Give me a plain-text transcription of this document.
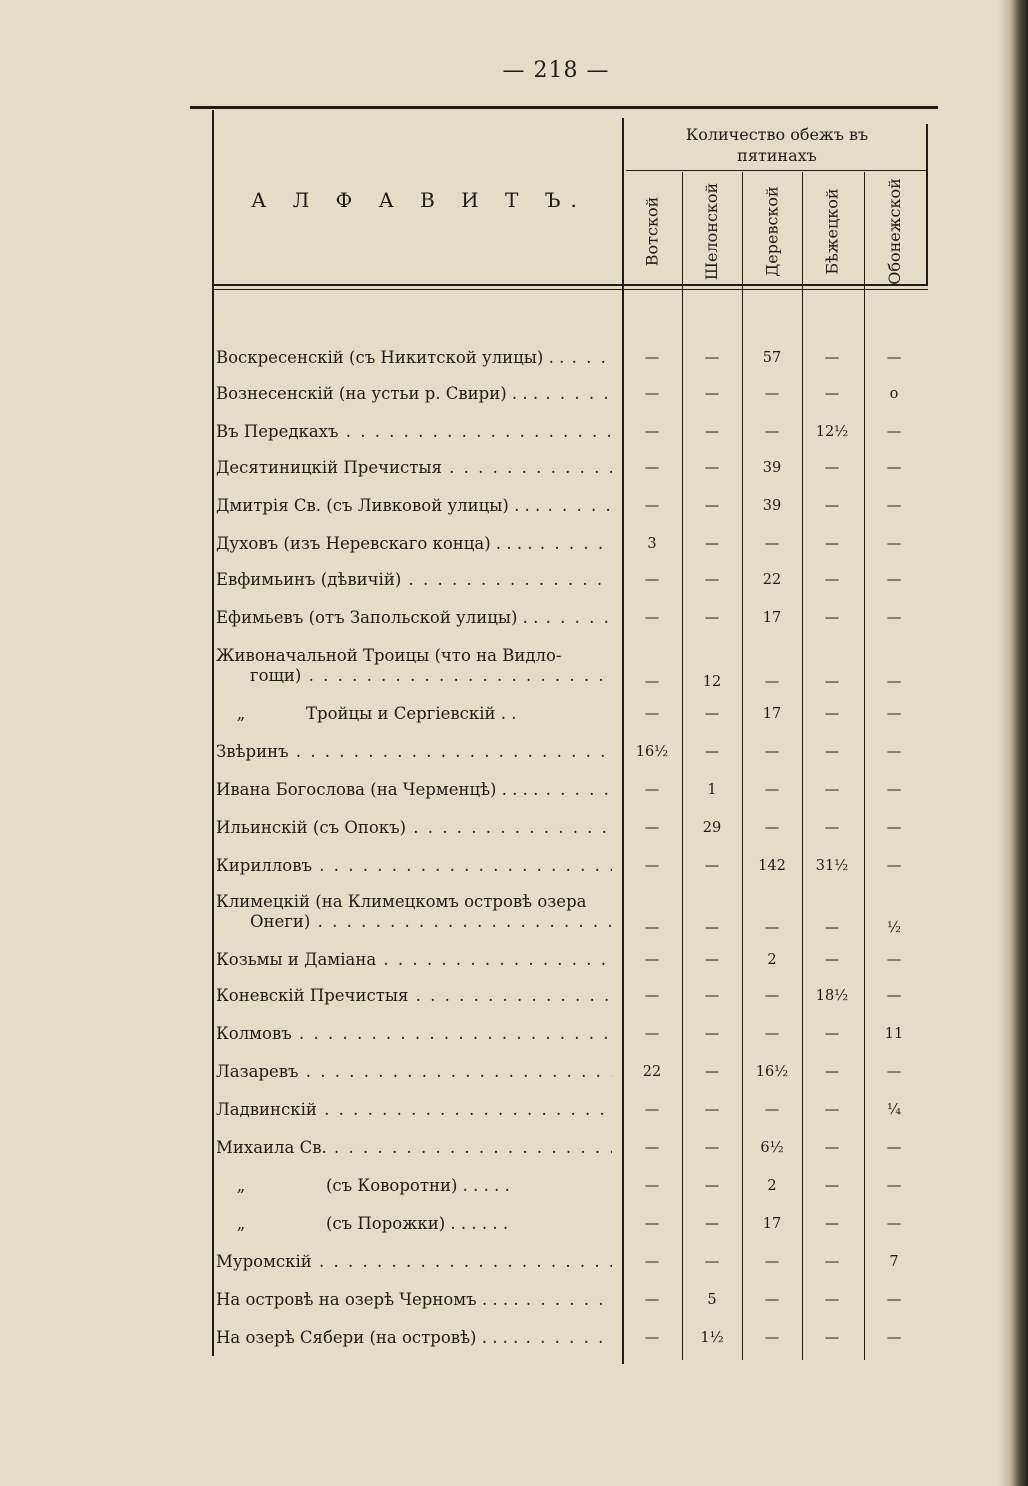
— 218 —
Количество обежъ въ
пятинахъ
А Л Ф А В И Т Ъ.	Вотской	Шелонской	Деревской	Бѣжецкой	Обонежской
Воскресенскій (съ Никитской улицы) . . . . .	—	—	57	—	—
Вознесенскій (на устьи р. Свири) . . . . . .	—	—	—	—	о
Въ Передкахъ . . .	—	—	—	12½	—
Десятиницкій Пречистыя . . .	—	—	39	—	—
Дмитрія Св. (съ Ливковой улицы) . . . . . .	—	—	39	—	—
Духовъ (изъ Неревскаго конца) . . . . . . .	3	—	—	—	—
Евфимьинъ (дѣвичій) . . .	—	—	22	—	—
Ефимьевъ (отъ Запольской улицы) . . . . .	—	—	17	—	—
Живоначальной Троицы (что на Видло-
гощи) . . .	—	12	—	—	—
„	Тройцы и Сергіевскій . .	—	—	17	—	—
Звѣринъ . . .	16½	—	—	—	—
Ивана Богослова (на Черменцѣ) . . . . . . .	—	1	—	—	—
Ильинскій (съ Опокъ) . . .	—	29	—	—	—
Кирилловъ . . .	—	—	142	31½	—
Климецкій (на Климецкомъ островѣ озера
Онеги) . . .	—	—	—	—	½
Козьмы и Даміана . . .	—	—	2	—	—
Коневскій Пречистыя . . .	—	—	—	18½	—
Колмовъ . . .	—	—	—	—	11
Лазаревъ . . .	22	—	16½	—	—
Ладвинскій . . .	—	—	—	—	¼
Михаила Св. . . .	—	—	6½	—	—
„	(съ Коворотни) . . . . .	—	—	2	—	—
„	(съ Порожки) . . . . . .	—	—	17	—	—
Муромскій . . .	—	—	—	—	7
На островѣ на озерѣ Черномъ . . . . . . .	—	5	—	—	—
На озерѣ Сябери (на островѣ) . . . . . . .	—	1½	—	—	—
